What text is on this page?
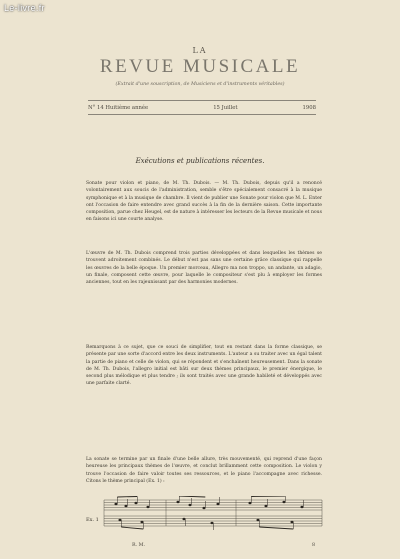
Le-livre.fr
LA
REVUE MUSICALE
(Extrait d'une souscription, de Musiciens et d'instruments véritables)
N° 14 Huitième année	15 Juillet	1908
Exécutions et publications récentes.
Sonate pour violon et piano, de M. Th. Dubois. — M. Th. Dubois, depuis qu'il a renoncé volontairement aux soucis de l'administration, semble s'être spécialement consacré à la musique symphonique et à la musique de chambre. Il vient de publier une Sonate pour violon que M. L. Enter ont l'occasion de faire entendre avec grand succès à la fin de la dernière saison. Cette importante composition, parue chez Heugel, est de nature à intéresser les lecteurs de la Revue musicale et nous en faisons ici une courte analyse.
L'œuvre de M. Th. Dubois comprend trois parties développées et dans lesquelles les thèmes se trouvent adroitement combinés. Le début n'est pas sans une certaine grâce classique qui rappelle les œuvres de la belle époque. Un premier morceau, Allegro ma non troppo, un andante, un adagio, un finale, composent cette œuvre, pour laquelle le compositeur s'est plu à employer les formes anciennes, tout en les rajeunissant par des harmonies modernes.
Remarquons à ce sujet, que ce souci de simplifier, tout en restant dans la forme classique, se présente par une sorte d'accord entre les deux instruments. L'auteur a su traiter avec un égal talent la partie de piano et celle de violon, qui se répondent et s'enchaînent heureusement. Dans la sonate de M. Th. Dubois, l'allegro initial est bâti sur deux thèmes principaux, le premier énergique, le second plus mélodique et plus tendre ; ils sont traités avec une grande habileté et développés avec une parfaite clarté.
La sonate se termine par un finale d'une belle allure, très mouvementé, qui reprend d'une façon heureuse les principaux thèmes de l'œuvre, et conclut brillamment cette composition. Le violon y trouve l'occasion de faire valoir toutes ses ressources, et le piano l'accompagne avec richesse. Citons le thème principal (Ex. 1) :
Ex. 1
R. M.	8
